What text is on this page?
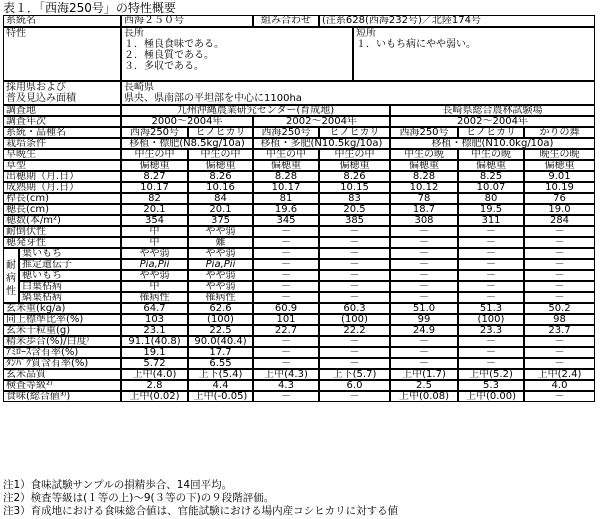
表１．「西海250号」の特性概要
系統名	西海２５０号	組み合わせ	(注系628(西海232号)／北陸174号
特性	長所
１．極良食味である。
２．極良質である。
３．多収である。
短所
１．いもち病にやや弱い。
採用県および
普及見込み面積
長崎県
県央、県南部の平坦部を中心に1100ha
調査地	九州沖縄農業研究センター(育成地)	長崎県総合農林試験場
調査年次	2000～2004年	2002～2004年	2002～2004年
系統・品種名	西海250号	ヒノヒカリ	西海250号	ヒノヒカリ	西海250号	ヒノヒカリ	かりの舞
栽培条件	移植・標肥(N8.5kg/10a)	移植・多肥(N10.5kg/10a)	移植・標肥(N10.0kg/10a)
早晩生	中生の中	中生の中	中生の中	中生の中	中生の晩	中生の晩	晩生の晩
草型	偏穂重	偏穂重	偏穂重	偏穂重	偏穂重	偏穂重	偏穂重
出穂期（月.日）	8.27	8.26	8.28	8.26	8.28	8.25	9.01
成熟期（月.日）	10.17	10.16	10.17	10.15	10.12	10.07	10.19
稈長(cm)	82	84	81	83	78	80	76
穂長(cm)	20.1	20.1	19.6	20.5	18.7	19.5	19.0
穂数(本/m²)	354	375	345	385	308	311	284
耐倒伏性	中	やや弱	－	－	－	－	－
穂発芽性	中	難	－	－	－	－	－
耐
病
性
葉いもち	やや弱	やや弱	－	－	－	－	－
推定遺伝子	Pia,Pii	Pia,Pii	－	－	－	－	－
穂いもち	やや弱	やや弱	－	－	－	－	－
白葉枯病	中	やや弱	－	－	－	－	－
縞葉枯病	罹病性	罹病性	－	－	－	－	－
玄米重(kg/a)	64.7	62.6	60.9	60.3	51.0	51.3	50.2
同上標準比率(%)	103	(100)	101	(100)	99	(100)	98
玄米千粒重(g)	23.1	22.5	22.7	22.2	24.9	23.3	23.7
精米歩合(%)/白度⁾	91.1(40.8)	90.0(40.4)	－	－	－	－	－
ｱﾐﾛｰｽ含有率(%)	19.1	17.7	－	－	－	－	－
ﾀﾝﾊﾟｸ質含有率(%)	5.72	6.55	－	－	－	－	－
玄米品質	上中(4.0)	上下(5.4)	上中(4.3)	上下(5.7)	上中(1.7)	上中(5.2)	上中(2.4)
検査等級²⁾	2.8	4.4	4.3	6.0	2.5	5.3	4.0
食味(総合値³⁾)	上中(0.02)	上中(-0.05)	－	－	上中(0.08)	上中(0.00)	－
注1）食味試験サンプルの損精歩合、14回平均。
注2）検査等級は(１等の上)～9(３等の下)の９段階評価。
注3）育成地における食味総合値は、官能試験における場内産コシヒカリに対する値
